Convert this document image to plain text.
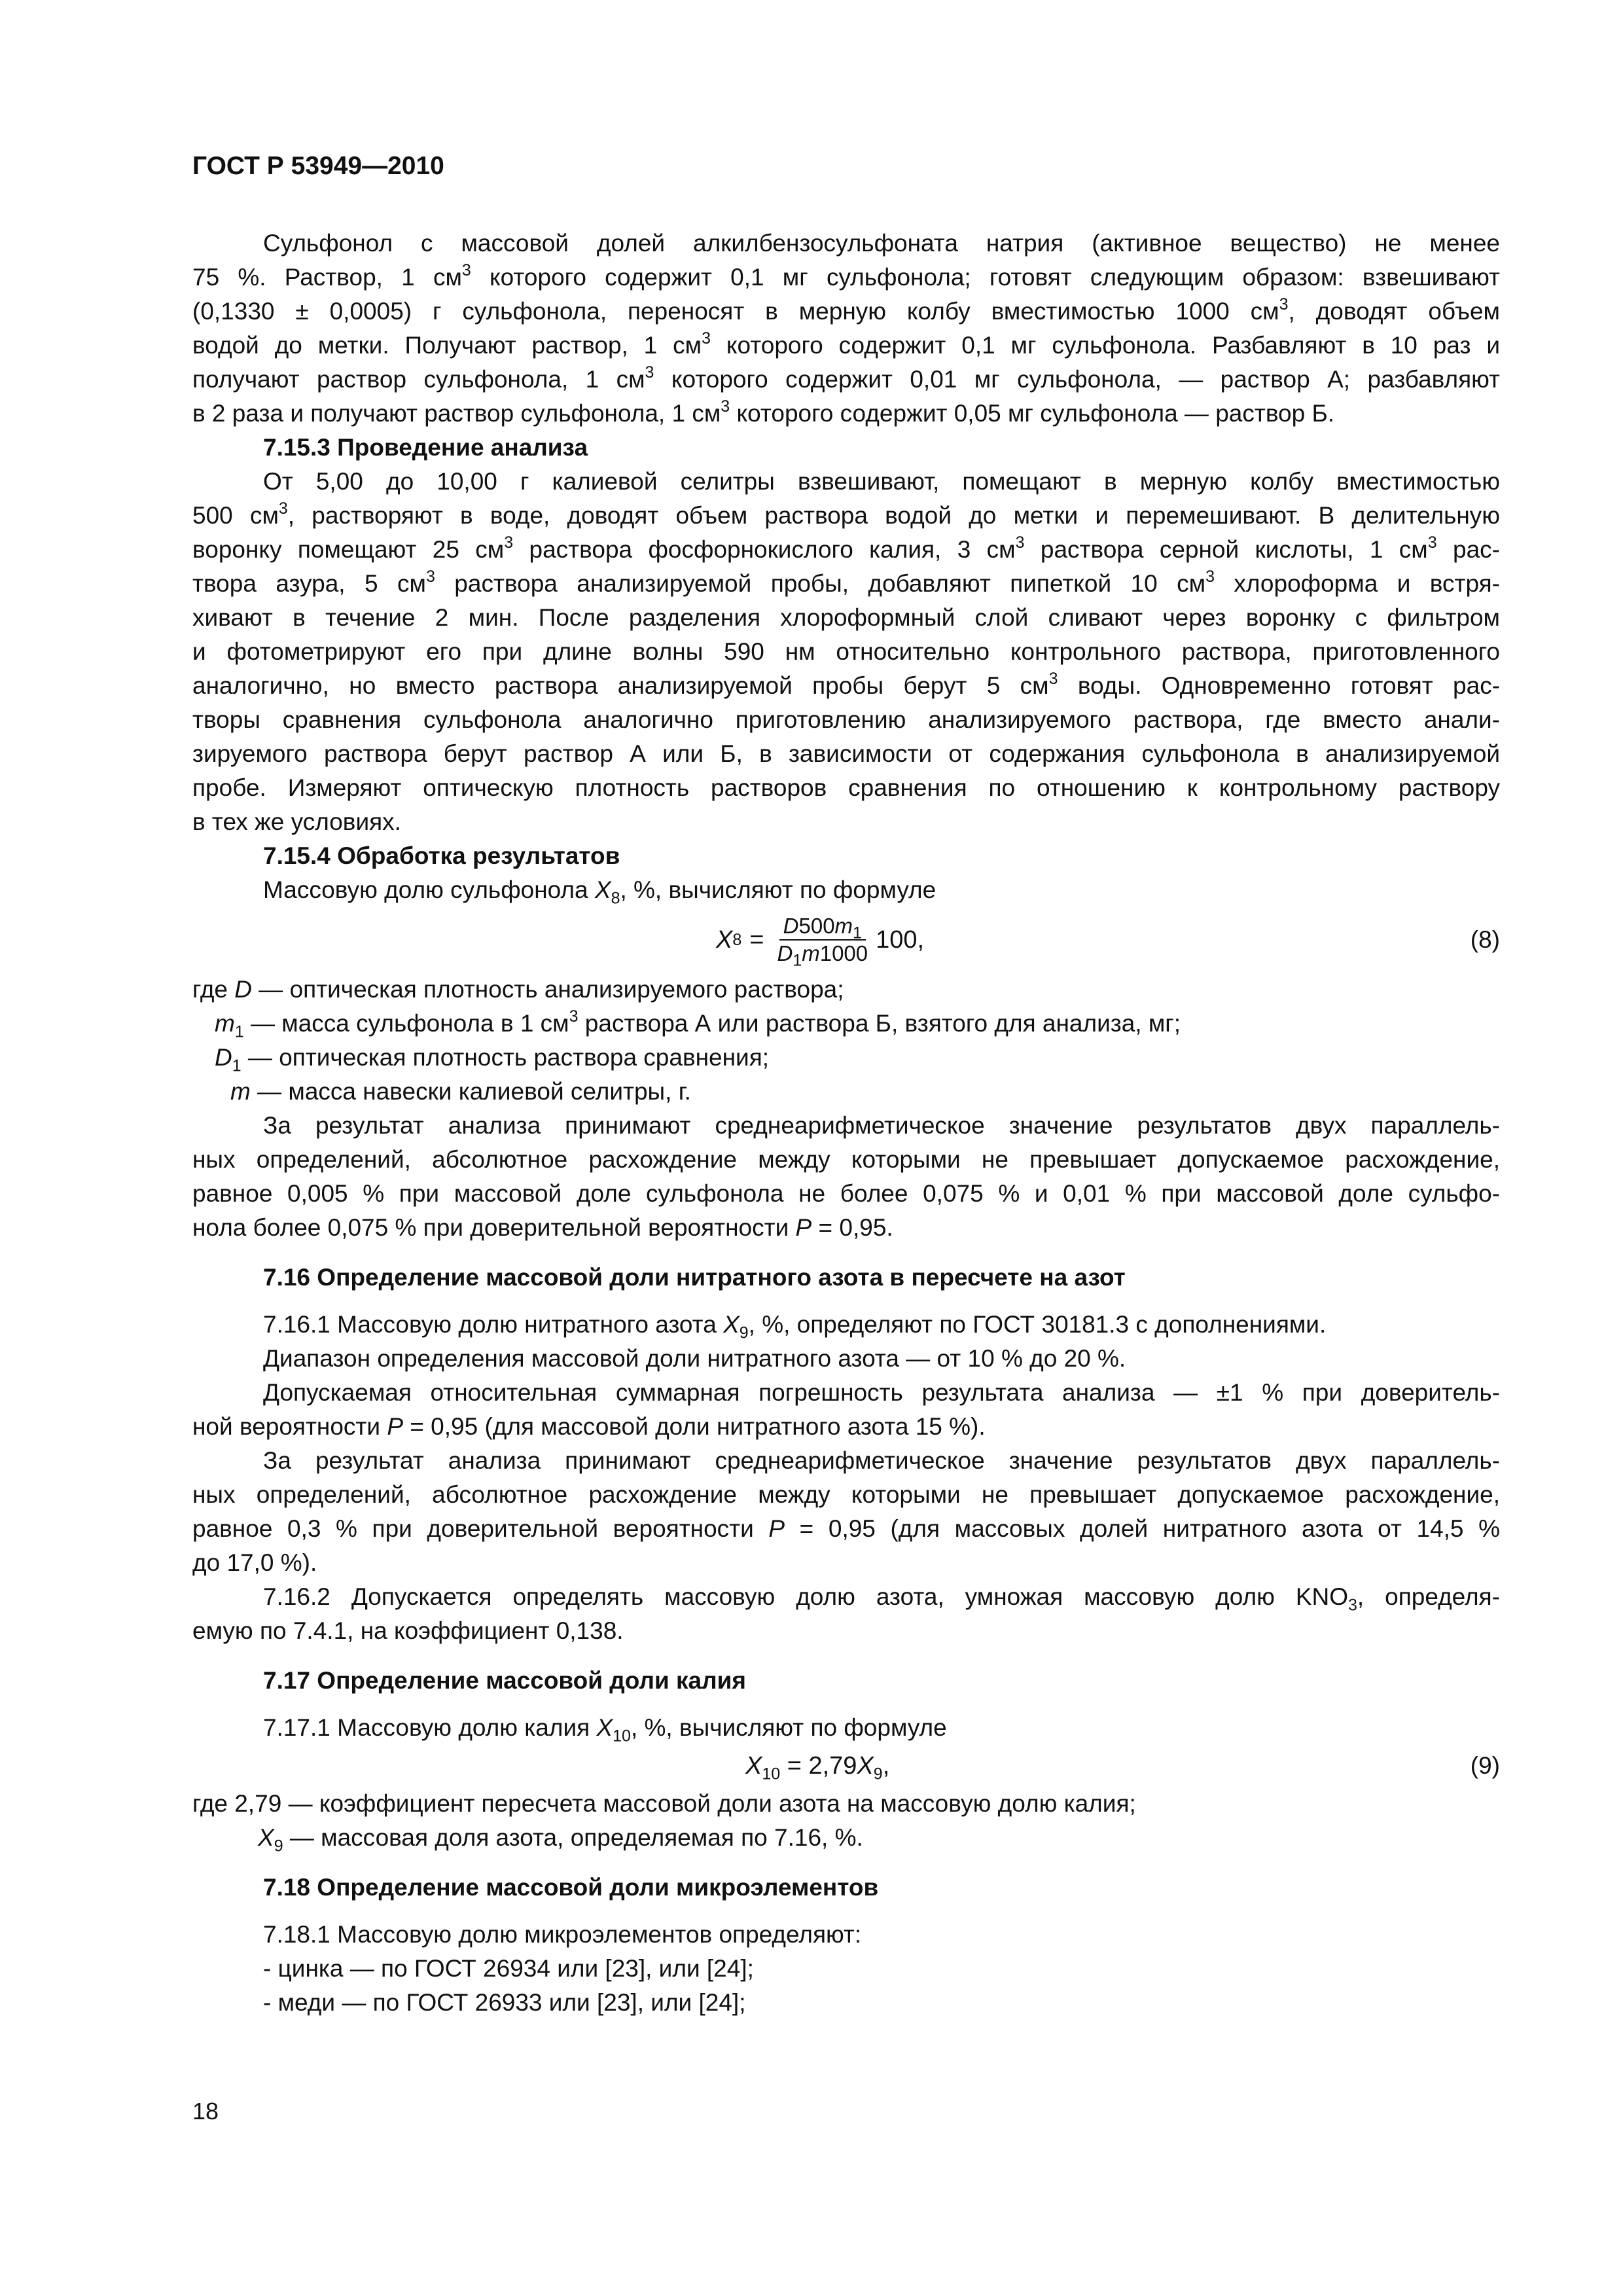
ГОСТ Р 53949—2010

Сульфонол с массовой долей алкилбензосульфоната натрия (активное вещество) не менее

75 %. Раствор, 1 $см^3$ которого содержит 0,1 мг сульфонола; готовят следующим образом: взвешивают

(0,1330 ± 0,0005) г сульфонола, переносят в мерную колбу вместимостью 1000 $см^3$, доводят объем

водой до метки. Получают раствор, 1 $см^3$ которого содержит 0,1 мг сульфонола. Разбавляют в 10 раз и

получают раствор сульфонола, 1 $см^3$ которого содержит 0,01 мг сульфонола, — раствор А; разбавляют

в 2 раза и получают раствор сульфонола, 1 $см^3$ которого содержит 0,05 мг сульфонола — раствор Б.

7.15.3 Проведение анализа

От 5,00 до 10,00 г калиевой селитры взвешивают, помещают в мерную колбу вместимостью

500 $см^3$, растворяют в воде, доводят объем раствора водой до метки и перемешивают. В делительную

воронку помещают 25 $см^3$ раствора фосфорнокислого калия, 3 $см^3$ раствора серной кислоты, 1 $см^3$ рас-

твора азура, 5 $см^3$ раствора анализируемой пробы, добавляют пипеткой 10 $см^3$ хлороформа и встря-

хивают в течение 2 мин. После разделения хлороформный слой сливают через воронку с фильтром

и фотометрируют его при длине волны 590 нм относительно контрольного раствора, приготовленного

аналогично, но вместо раствора анализируемой пробы берут 5 $см^3$ воды. Одновременно готовят рас-

творы сравнения сульфонола аналогично приготовлению анализируемого раствора, где вместо анали-

зируемого раствора берут раствор А или Б, в зависимости от содержания сульфонола в анализируемой

пробе. Измеряют оптическую плотность растворов сравнения по отношению к контрольному раствору

в тех же условиях.

7.15.4 Обработка результатов

Массовую долю сульфонола $X_8$, %, вычисляют по формуле

X $8 = \frac{D500m_1}{D_1m1000} 100$,	(8)

где D — оптическая плотность анализируемого раствора;

$m_1$ — масса сульфонола в 1 $см^3$ раствора А или раствора Б, взятого для анализа, мг;

$D_1$ — оптическая плотность раствора сравнения;

m — масса навески калиевой селитры, г.

За результат анализа принимают среднеарифметическое значение результатов двух параллель-

ных определений, абсолютное расхождение между которыми не превышает допускаемое расхождение,

равное 0,005 % при массовой доле сульфонола не более 0,075 % и 0,01 % при массовой доле сульфо-

нола более 0,075 % при доверительной вероятности P = 0,95.

7.16 Определение массовой доли нитратного азота в пересчете на азот

7.16.1 Массовую долю нитратного азота $X_9$, %, определяют по ГОСТ 30181.3 с дополнениями.

Диапазон определения массовой доли нитратного азота — от 10 % до 20 %.

Допускаемая относительная суммарная погрешность результата анализа — ±1 % при доверитель-

ной вероятности P = 0,95 (для массовой доли нитратного азота 15 %).

За результат анализа принимают среднеарифметическое значение результатов двух параллель-

ных определений, абсолютное расхождение между которыми не превышает допускаемое расхождение,

равное 0,3 % при доверительной вероятности P = 0,95 (для массовых долей нитратного азота от 14,5 %

до 17,0 %).

7.16.2 Допускается определять массовую долю азота, умножая массовую долю $KNO_3$, определя-

емую по 7.4.1, на коэффициент 0,138.

7.17 Определение массовой доли калия

7.17.1 Массовую долю калия $X_{10}$, %, вычисляют по формуле

$X_{10} = 2,79X_9$,	(9)

где 2,79 — коэффициент пересчета массовой доли азота на массовую долю калия;

$X_9$ — массовая доля азота, определяемая по 7.16, %.

7.18 Определение массовой доли микроэлементов

7.18.1 Массовую долю микроэлементов определяют:

- цинка — по ГОСТ 26934 или [23], или [24];

- меди — по ГОСТ 26933 или [23], или [24];

18
